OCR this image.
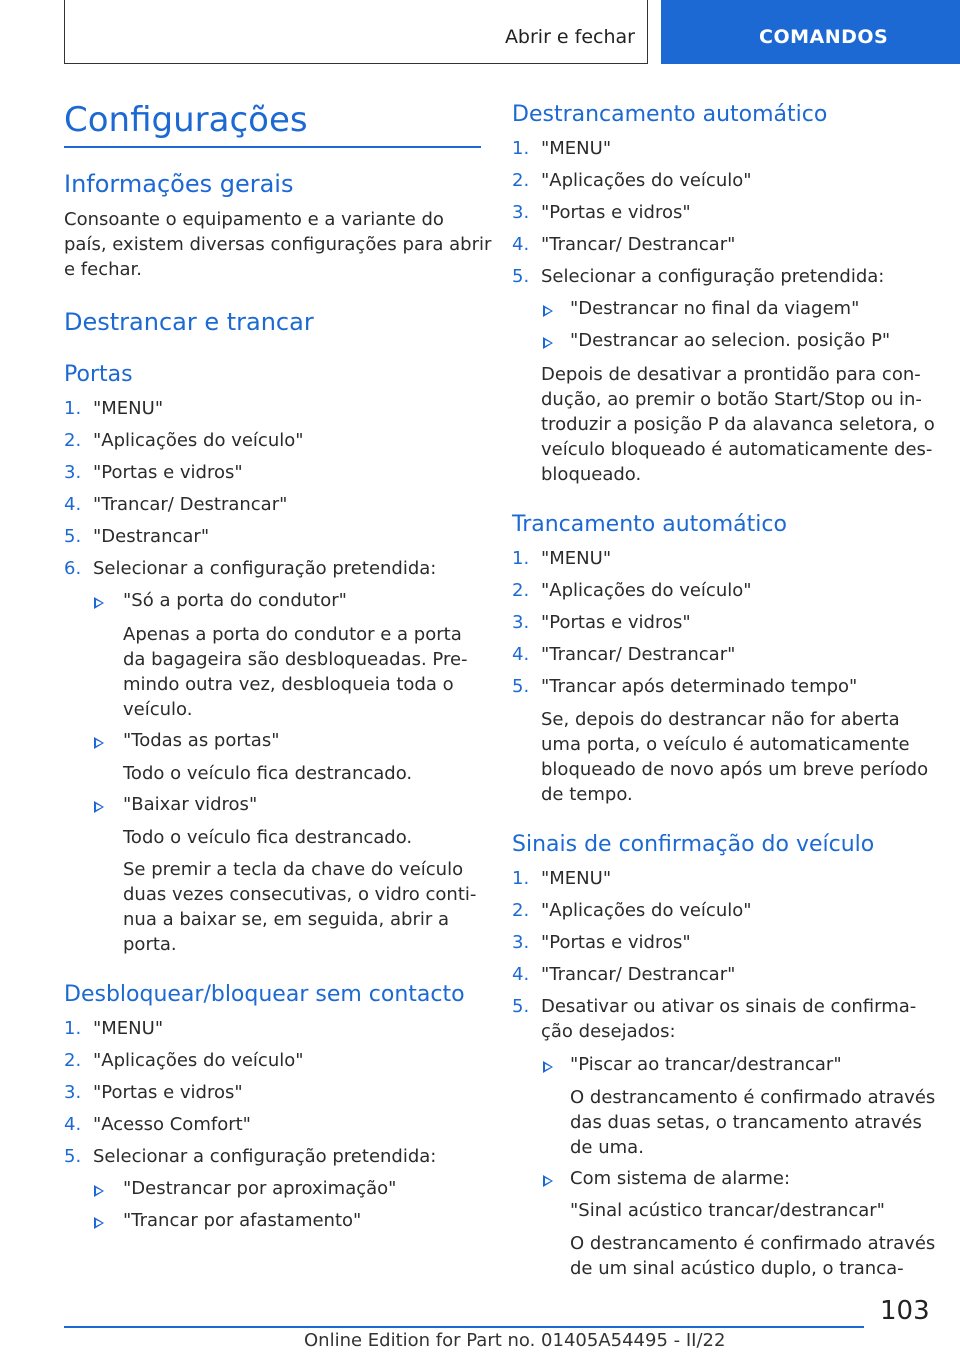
Abrir e fechar	COMANDOS
Configurações
Informações gerais
Consoante o equipamento e a variante do
país, existem diversas configurações para abrir
e fechar.
Destrancar e trancar
Portas
1. "MENU"
2. "Aplicações do veículo"
3. "Portas e vidros"
4. "Trancar/ Destrancar"
5. "Destrancar"
6. Selecionar a configuração pretendida:
"Só a porta do condutor"
Apenas a porta do condutor e a porta
da bagageira são desbloqueadas. Pre-
mindo outra vez, desbloqueia toda o
veículo.
"Todas as portas"
Todo o veículo fica destrancado.
"Baixar vidros"
Todo o veículo fica destrancado.
Se premir a tecla da chave do veículo
duas vezes consecutivas, o vidro conti-
nua a baixar se, em seguida, abrir a
porta.
Desbloquear/bloquear sem contacto
1. "MENU"
2. "Aplicações do veículo"
3. "Portas e vidros"
4. "Acesso Comfort"
5. Selecionar a configuração pretendida:
"Destrancar por aproximação"
"Trancar por afastamento"
Destrancamento automático
1. "MENU"
2. "Aplicações do veículo"
3. "Portas e vidros"
4. "Trancar/ Destrancar"
5. Selecionar a configuração pretendida:
"Destrancar no final da viagem"
"Destrancar ao selecion. posição P"
Depois de desativar a prontidão para con-
dução, ao premir o botão Start/Stop ou in-
troduzir a posição P da alavanca seletora, o
veículo bloqueado é automaticamente des-
bloqueado.
Trancamento automático
1. "MENU"
2. "Aplicações do veículo"
3. "Portas e vidros"
4. "Trancar/ Destrancar"
5. "Trancar após determinado tempo"
Se, depois do destrancar não for aberta
uma porta, o veículo é automaticamente
bloqueado de novo após um breve período
de tempo.
Sinais de confirmação do veículo
1. "MENU"
2. "Aplicações do veículo"
3. "Portas e vidros"
4. "Trancar/ Destrancar"
5. Desativar ou ativar os sinais de confirma-
ção desejados:
"Piscar ao trancar/destrancar"
O destrancamento é confirmado através
das duas setas, o trancamento através
de uma.
Com sistema de alarme:
"Sinal acústico trancar/destrancar"
O destrancamento é confirmado através
de um sinal acústico duplo, o tranca-
103
Online Edition for Part no. 01405A54495 - II/22
